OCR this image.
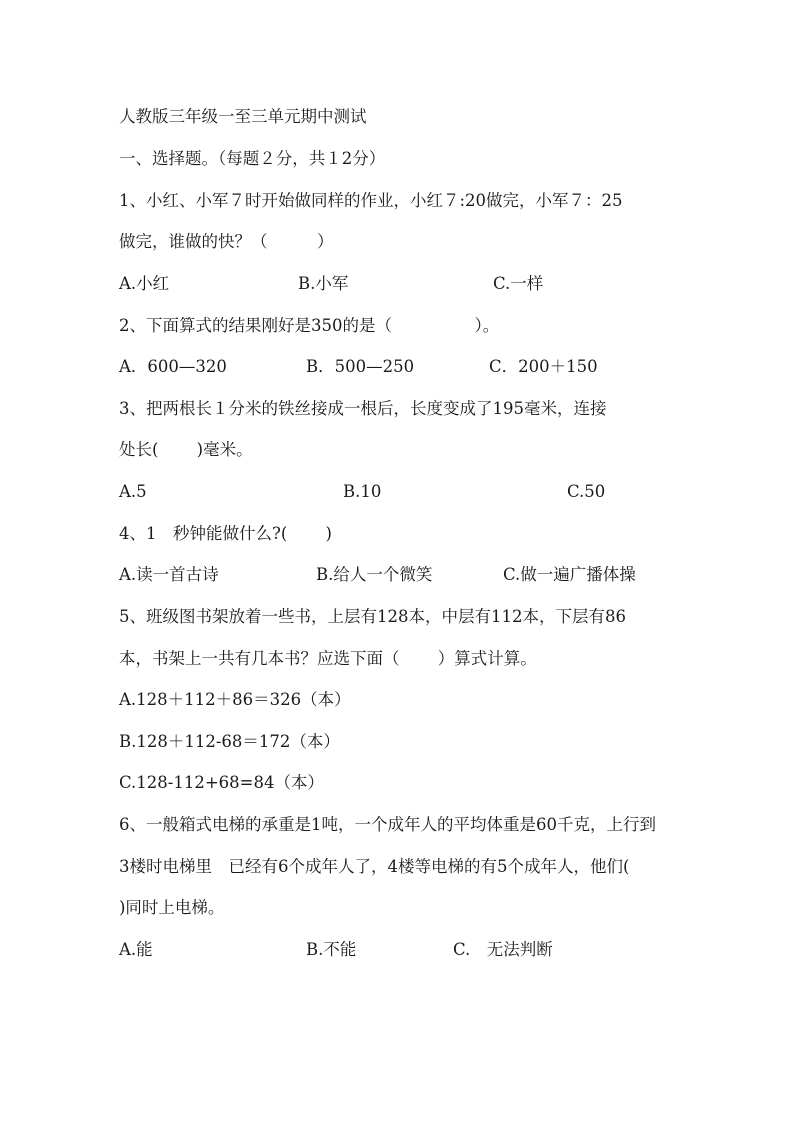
人教版三年级一至三单元期中测试
一、选择题。（每题２分，共１2分）
1、小红、小军７时开始做同样的作业，小红７:20做完，小军７：25
做完，谁做的快？（　　　）
A.小红	B.小军	C.一样
2、下面算式的结果刚好是350的是（　　　　　）。
A．600—320	B．500—250	C．200＋150
3、把两根长１分米的铁丝接成一根后，长度变成了195毫米，连接
处长(　　 )毫米。
A.5	B.10	C.50
4、1　秒钟能做什么?(　　 )
A.读一首古诗	B.给人一个微笑	C.做一遍广播体操
5、班级图书架放着一些书，上层有128本，中层有112本，下层有86
本，书架上一共有几本书？应选下面（　　 ）算式计算。
A.128＋112＋86＝326（本）
B.128＋112-68＝172（本）
C.128-112+68=84（本）
6、一般箱式电梯的承重是1吨，一个成年人的平均体重是60千克，上行到
3楼时电梯里　已经有6个成年人了，4楼等电梯的有5个成年人，他们(
)同时上电梯。
A.能	B.不能	C.　无法判断
